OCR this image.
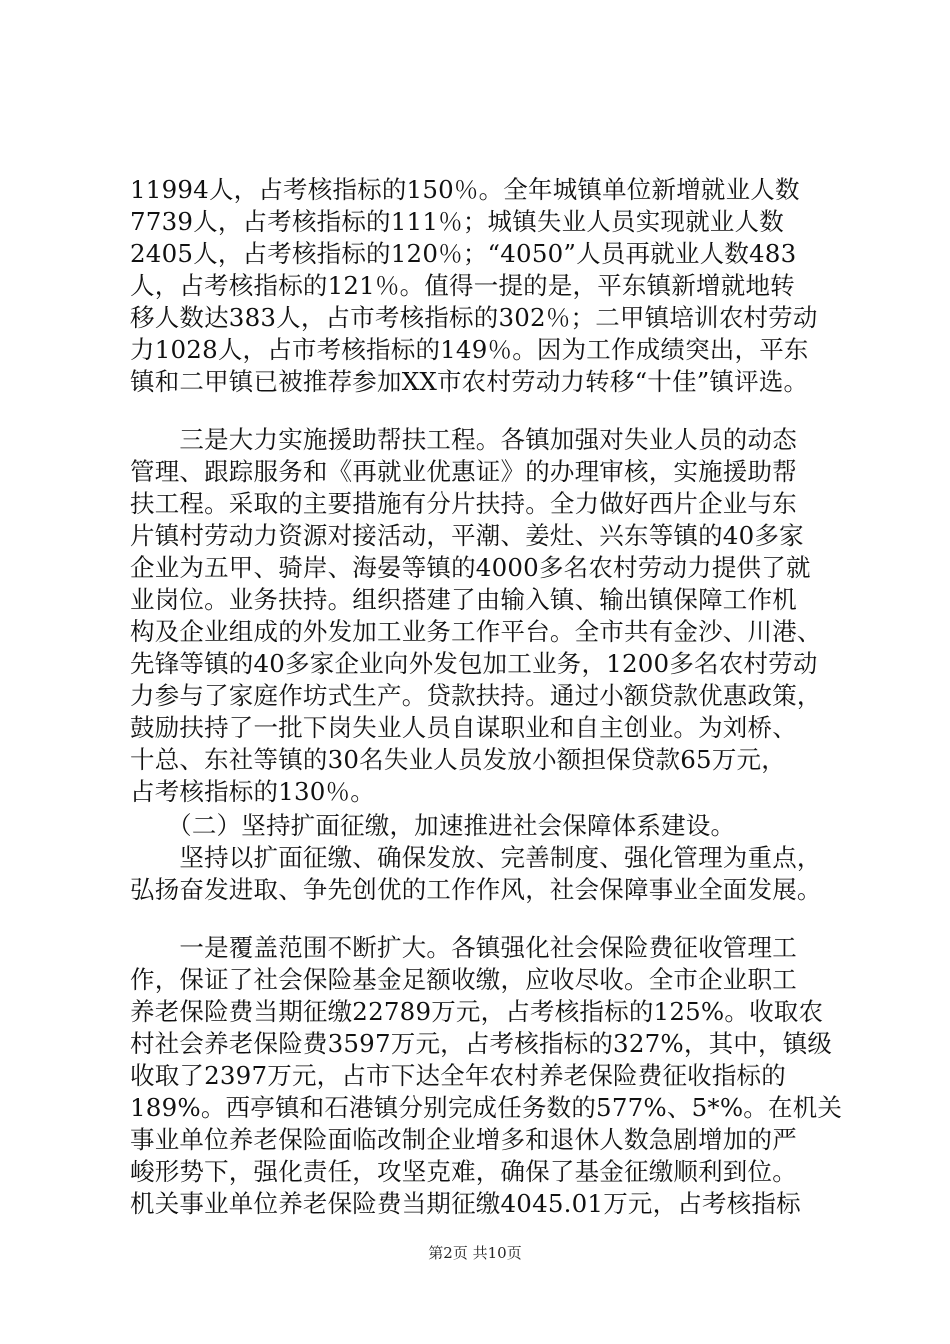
11994人，占考核指标的150％。全年城镇单位新增就业人数
7739人，占考核指标的111％；城镇失业人员实现就业人数
2405人，占考核指标的120％；“4050”人员再就业人数483
人，占考核指标的121％。值得一提的是，平东镇新增就地转
移人数达383人，占市考核指标的302％；二甲镇培训农村劳动
力1028人，占市考核指标的149％。因为工作成绩突出，平东
镇和二甲镇已被推荐参加XX市农村劳动力转移“十佳”镇评选。
　　三是大力实施援助帮扶工程。各镇加强对失业人员的动态
管理、跟踪服务和《再就业优惠证》的办理审核，实施援助帮
扶工程。采取的主要措施有分片扶持。全力做好西片企业与东
片镇村劳动力资源对接活动，平潮、姜灶、兴东等镇的40多家
企业为五甲、骑岸、海晏等镇的4000多名农村劳动力提供了就
业岗位。业务扶持。组织搭建了由输入镇、输出镇保障工作机
构及企业组成的外发加工业务工作平台。全市共有金沙、川港、
先锋等镇的40多家企业向外发包加工业务，1200多名农村劳动
力参与了家庭作坊式生产。贷款扶持。通过小额贷款优惠政策，
鼓励扶持了一批下岗失业人员自谋职业和自主创业。为刘桥、
十总、东社等镇的30名失业人员发放小额担保贷款65万元，
占考核指标的130％。
　　（二）坚持扩面征缴，加速推进社会保障体系建设。
　　坚持以扩面征缴、确保发放、完善制度、强化管理为重点，
弘扬奋发进取、争先创优的工作作风，社会保障事业全面发展。
　　一是覆盖范围不断扩大。各镇强化社会保险费征收管理工
作，保证了社会保险基金足额收缴，应收尽收。全市企业职工
养老保险费当期征缴22789万元，占考核指标的125%。收取农
村社会养老保险费3597万元，占考核指标的327%，其中，镇级
收取了2397万元，占市下达全年农村养老保险费征收指标的
189%。西亭镇和石港镇分别完成任务数的577%、5*%。在机关
事业单位养老保险面临改制企业增多和退休人数急剧增加的严
峻形势下，强化责任，攻坚克难，确保了基金征缴顺利到位。
机关事业单位养老保险费当期征缴4045.01万元，占考核指标
第2页 共10页
